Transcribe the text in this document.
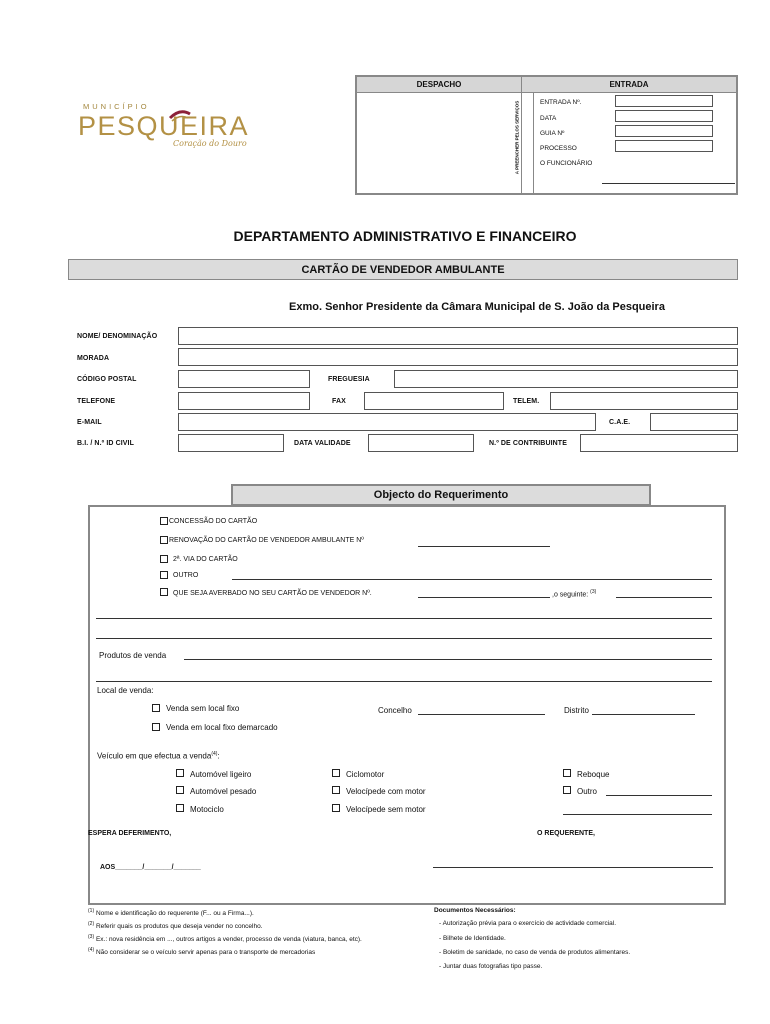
MUNICÍPIO
PESQUEIRA
Coração do Douro
DESPACHO	ENTRADA
A PREENCHER PELOS SERVIÇOS	ENTRADA Nº.
DATA
GUIA Nº
PROCESSO
O FUNCIONÁRIO
DEPARTAMENTO ADMINISTRATIVO E FINANCEIRO
CARTÃO DE VENDEDOR AMBULANTE
Exmo. Senhor Presidente da Câmara Municipal de S. João da Pesqueira
NOME/ DENOMINAÇÃO
MORADA
CÓDIGO POSTAL	FREGUESIA
TELEFONE	FAX	TELEM.
E-MAIL	C.A.E.
B.I. / N.º ID CIVIL	DATA VALIDADE	N.º DE CONTRIBUINTE
Objecto do Requerimento
CONCESSÃO DO CARTÃO
RENOVAÇÃO DO CARTÃO DE VENDEDOR AMBULANTE Nº
2ª. VIA DO CARTÃO
OUTRO
QUE SEJA AVERBADO NO SEU CARTÃO DE VENDEDOR Nº.	,o seguinte: $^{(3)}$
Produtos de venda
Local de venda:
Venda sem local fixo	Concelho	Distrito
Venda em local fixo demarcado
Veículo em que efectua a venda$^{(4)}$:
Automóvel ligeiro
Automóvel pesado
Motociclo
Ciclomotor
Velocípede com motor
Velocípede sem motor
Reboque
Outro
ESPERA DEFERIMENTO,	O REQUERENTE,
AOS_______/_______/_______
$^{(1)}$ Nome e identificação do requerente (F... ou a Firma...).
$^{(2)}$ Referir quais os produtos que deseja vender no concelho.
$^{(3)}$ Ex.: nova residência em ..., outros artigos a vender, processo de venda (viatura, banca, etc).
$^{(4)}$ Não considerar se o veículo servir apenas para o transporte de mercadorias
Documentos Necessários:
- Autorização prévia para o exercício de actividade comercial.
- Bilhete de Identidade.
- Boletim de sanidade, no caso de venda de produtos alimentares.
- Juntar duas fotografias tipo passe.
